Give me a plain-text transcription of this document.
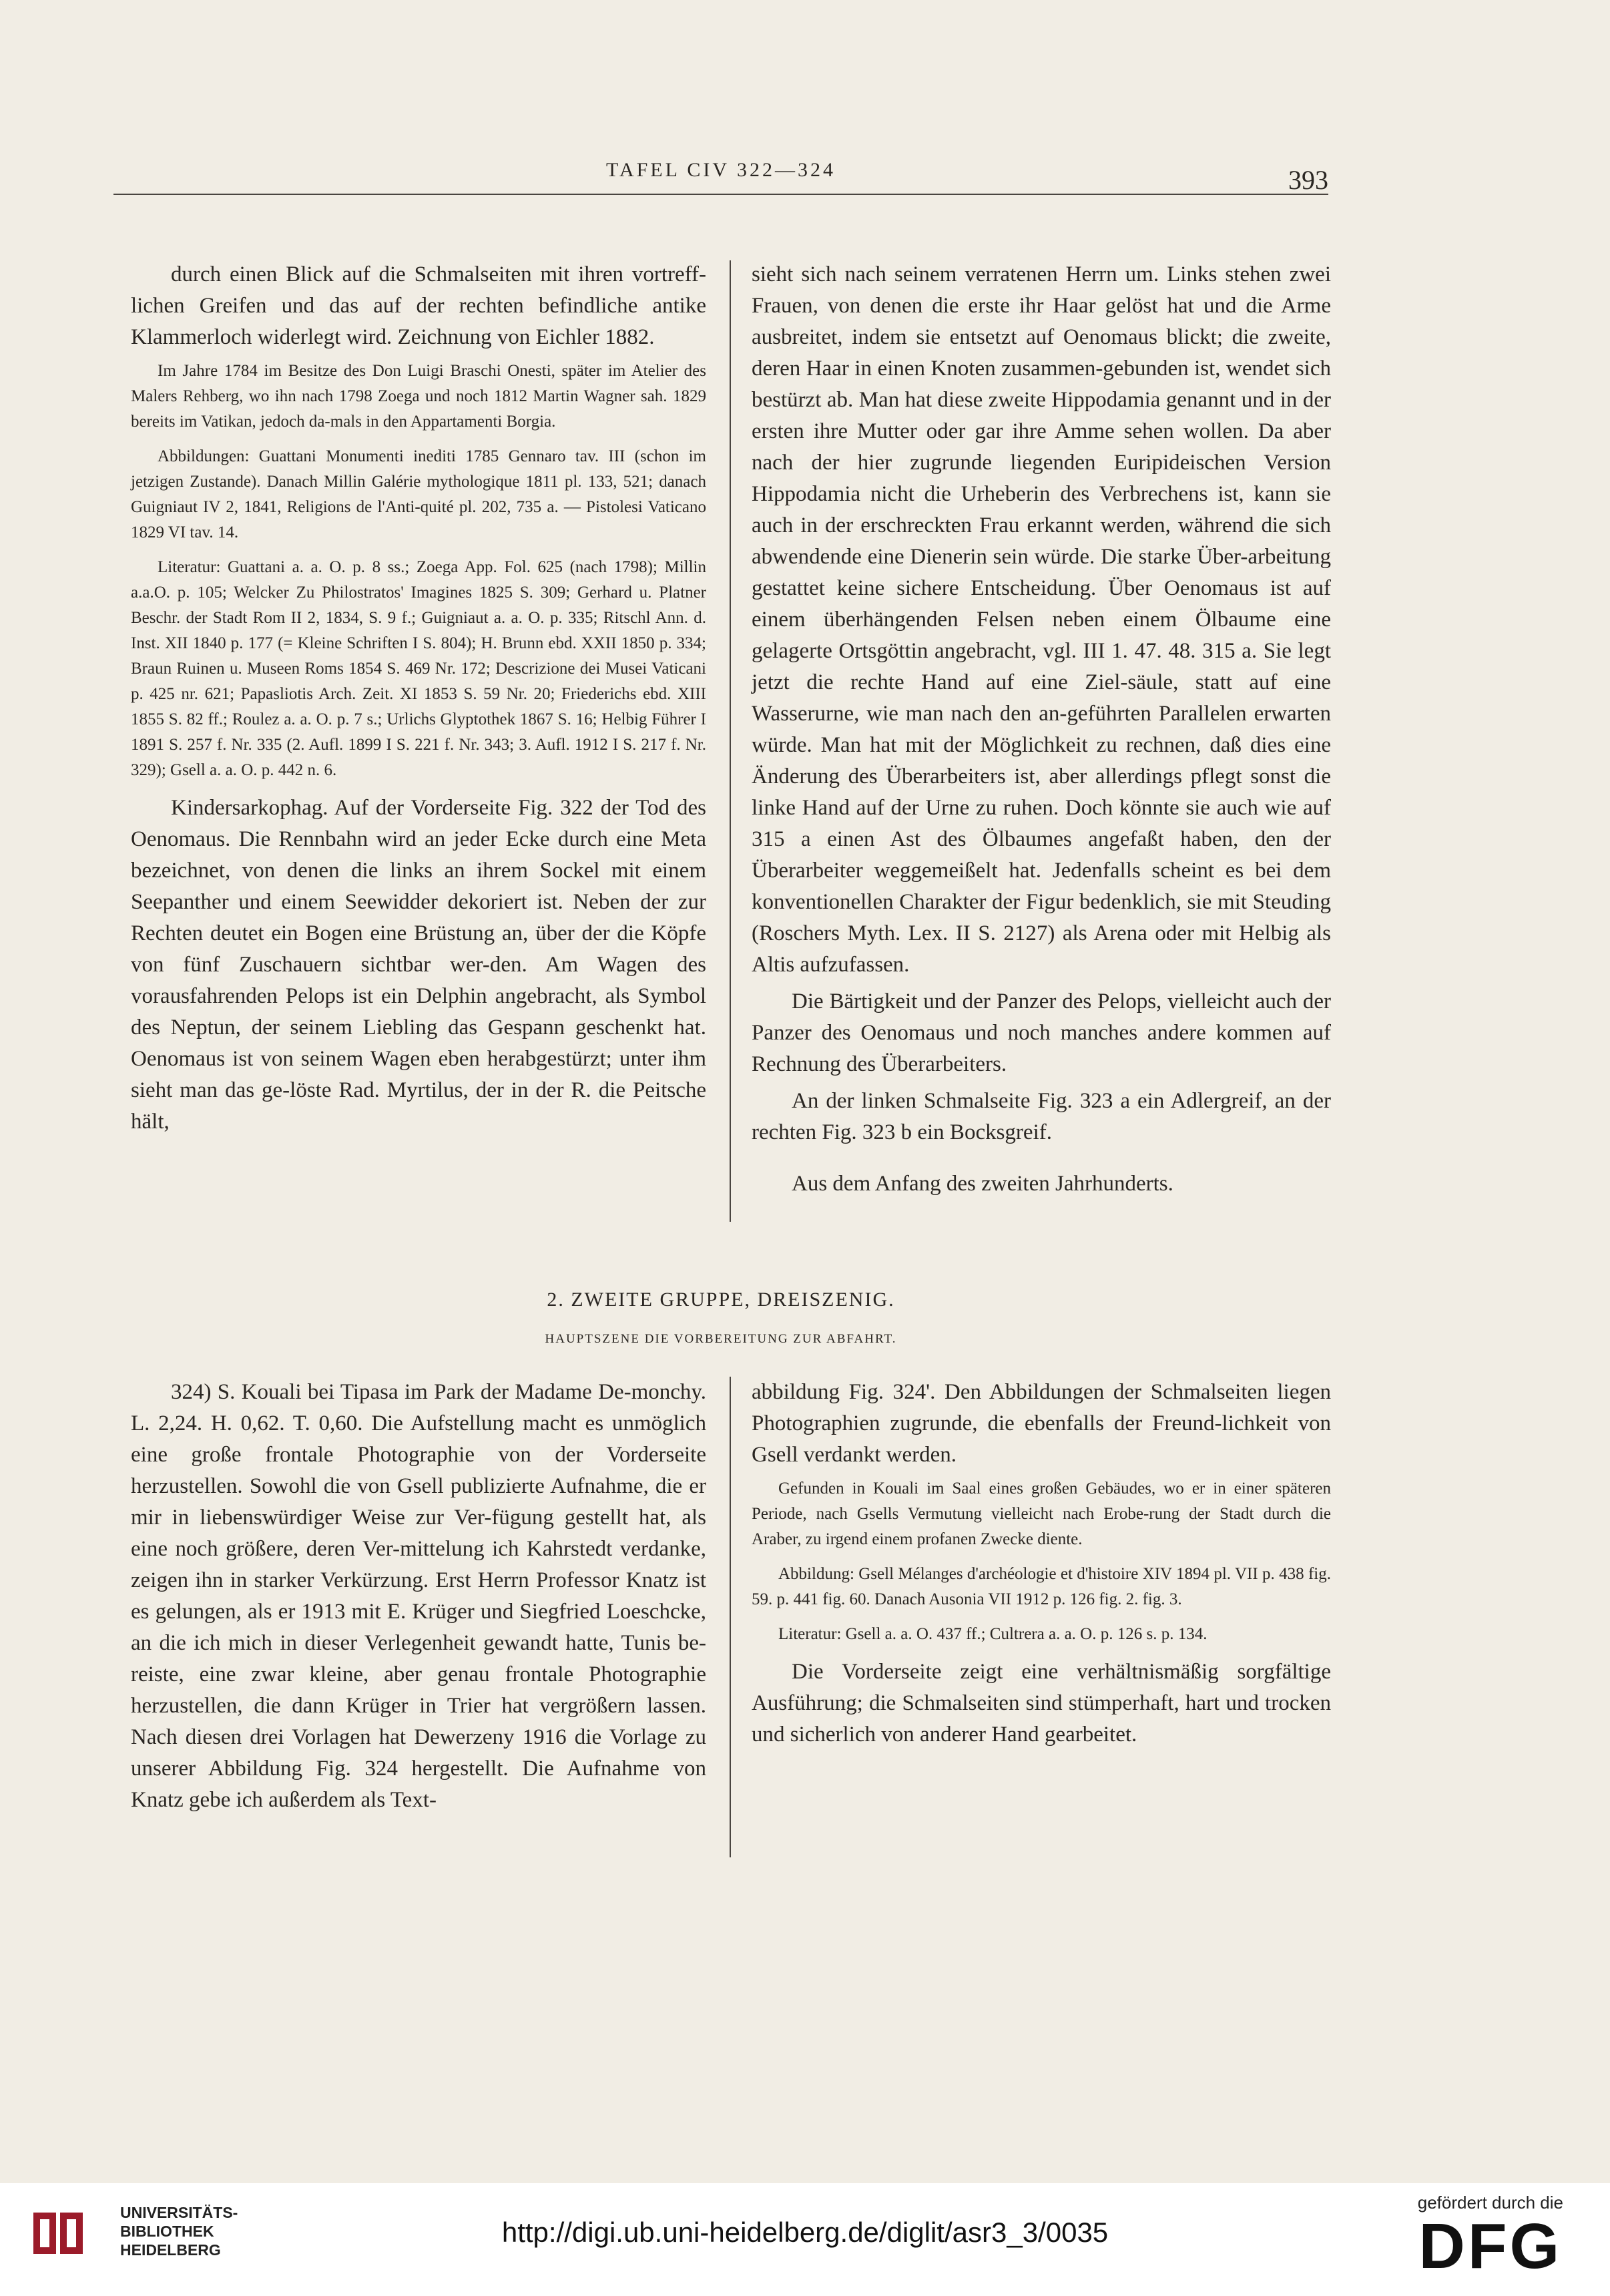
TAFEL CIV 322—324	393

durch einen Blick auf die Schmalseiten mit ihren vortreff-lichen Greifen und das auf der rechten befindliche antike Klammerloch widerlegt wird. Zeichnung von Eichler 1882.

Im Jahre 1784 im Besitze des Don Luigi Braschi Onesti, später im Atelier des Malers Rehberg, wo ihn nach 1798 Zoega und noch 1812 Martin Wagner sah. 1829 bereits im Vatikan, jedoch da-mals in den Appartamenti Borgia.

Abbildungen: Guattani Monumenti inediti 1785 Gennaro tav. III (schon im jetzigen Zustande). Danach Millin Galérie mythologique 1811 pl. 133, 521; danach Guigniaut IV 2, 1841, Religions de l'Anti-quité pl. 202, 735 a. — Pistolesi Vaticano 1829 VI tav. 14.

Literatur: Guattani a. a. O. p. 8 ss.; Zoega App. Fol. 625 (nach 1798); Millin a.a.O. p. 105; Welcker Zu Philostratos' Imagines 1825 S. 309; Gerhard u. Platner Beschr. der Stadt Rom II 2, 1834, S. 9 f.; Guigniaut a. a. O. p. 335; Ritschl Ann. d. Inst. XII 1840 p. 177 (= Kleine Schriften I S. 804); H. Brunn ebd. XXII 1850 p. 334; Braun Ruinen u. Museen Roms 1854 S. 469 Nr. 172; Descrizione dei Musei Vaticani p. 425 nr. 621; Papasliotis Arch. Zeit. XI 1853 S. 59 Nr. 20; Friederichs ebd. XIII 1855 S. 82 ff.; Roulez a. a. O. p. 7 s.; Urlichs Glyptothek 1867 S. 16; Helbig Führer I 1891 S. 257 f. Nr. 335 (2. Aufl. 1899 I S. 221 f. Nr. 343; 3. Aufl. 1912 I S. 217 f. Nr. 329); Gsell a. a. O. p. 442 n. 6.

Kindersarkophag. Auf der Vorderseite Fig. 322 der Tod des Oenomaus. Die Rennbahn wird an jeder Ecke durch eine Meta bezeichnet, von denen die links an ihrem Sockel mit einem Seepanther und einem Seewidder dekoriert ist. Neben der zur Rechten deutet ein Bogen eine Brüstung an, über der die Köpfe von fünf Zuschauern sichtbar wer-den. Am Wagen des vorausfahrenden Pelops ist ein Delphin angebracht, als Symbol des Neptun, der seinem Liebling das Gespann geschenkt hat. Oenomaus ist von seinem Wagen eben herabgestürzt; unter ihm sieht man das ge-löste Rad. Myrtilus, der in der R. die Peitsche hält,

sieht sich nach seinem verratenen Herrn um. Links stehen zwei Frauen, von denen die erste ihr Haar gelöst hat und die Arme ausbreitet, indem sie entsetzt auf Oenomaus blickt; die zweite, deren Haar in einen Knoten zusammen-gebunden ist, wendet sich bestürzt ab. Man hat diese zweite Hippodamia genannt und in der ersten ihre Mutter oder gar ihre Amme sehen wollen. Da aber nach der hier zugrunde liegenden Euripideischen Version Hippodamia nicht die Urheberin des Verbrechens ist, kann sie auch in der erschreckten Frau erkannt werden, während die sich abwendende eine Dienerin sein würde. Die starke Über-arbeitung gestattet keine sichere Entscheidung. Über Oenomaus ist auf einem überhängenden Felsen neben einem Ölbaume eine gelagerte Ortsgöttin angebracht, vgl. III 1. 47. 48. 315 a. Sie legt jetzt die rechte Hand auf eine Ziel-säule, statt auf eine Wasserurne, wie man nach den an-geführten Parallelen erwarten würde. Man hat mit der Möglichkeit zu rechnen, daß dies eine Änderung des Überarbeiters ist, aber allerdings pflegt sonst die linke Hand auf der Urne zu ruhen. Doch könnte sie auch wie auf 315 a einen Ast des Ölbaumes angefaßt haben, den der Überarbeiter weggemeißelt hat. Jedenfalls scheint es bei dem konventionellen Charakter der Figur bedenklich, sie mit Steuding (Roschers Myth. Lex. II S. 2127) als Arena oder mit Helbig als Altis aufzufassen.

Die Bärtigkeit und der Panzer des Pelops, vielleicht auch der Panzer des Oenomaus und noch manches andere kommen auf Rechnung des Überarbeiters.

An der linken Schmalseite Fig. 323 a ein Adlergreif, an der rechten Fig. 323 b ein Bocksgreif.

Aus dem Anfang des zweiten Jahrhunderts.

2. ZWEITE GRUPPE, DREISZENIG.
HAUPTSZENE DIE VORBEREITUNG ZUR ABFAHRT.

324) S. Kouali bei Tipasa im Park der Madame De-monchy. L. 2,24. H. 0,62. T. 0,60. Die Aufstellung macht es unmöglich eine große frontale Photographie von der Vorderseite herzustellen. Sowohl die von Gsell publizierte Aufnahme, die er mir in liebenswürdiger Weise zur Ver-fügung gestellt hat, als eine noch größere, deren Ver-mittelung ich Kahrstedt verdanke, zeigen ihn in starker Verkürzung. Erst Herrn Professor Knatz ist es gelungen, als er 1913 mit E. Krüger und Siegfried Loeschcke, an die ich mich in dieser Verlegenheit gewandt hatte, Tunis be-reiste, eine zwar kleine, aber genau frontale Photographie herzustellen, die dann Krüger in Trier hat vergrößern lassen. Nach diesen drei Vorlagen hat Dewerzeny 1916 die Vorlage zu unserer Abbildung Fig. 324 hergestellt. Die Aufnahme von Knatz gebe ich außerdem als Text-

abbildung Fig. 324'. Den Abbildungen der Schmalseiten liegen Photographien zugrunde, die ebenfalls der Freund-lichkeit von Gsell verdankt werden.

Gefunden in Kouali im Saal eines großen Gebäudes, wo er in einer späteren Periode, nach Gsells Vermutung vielleicht nach Erobe-rung der Stadt durch die Araber, zu irgend einem profanen Zwecke diente.

Abbildung: Gsell Mélanges d'archéologie et d'histoire XIV 1894 pl. VII p. 438 fig. 59. p. 441 fig. 60. Danach Ausonia VII 1912 p. 126 fig. 2. fig. 3.

Literatur: Gsell a. a. O. 437 ff.; Cultrera a. a. O. p. 126 s. p. 134.

Die Vorderseite zeigt eine verhältnismäßig sorgfältige Ausführung; die Schmalseiten sind stümperhaft, hart und trocken und sicherlich von anderer Hand gearbeitet.

UNIVERSITÄTS-
BIBLIOTHEK
HEIDELBERG
http://digi.ub.uni-heidelberg.de/diglit/asr3_3/0035
gefördert durch die
DFG
